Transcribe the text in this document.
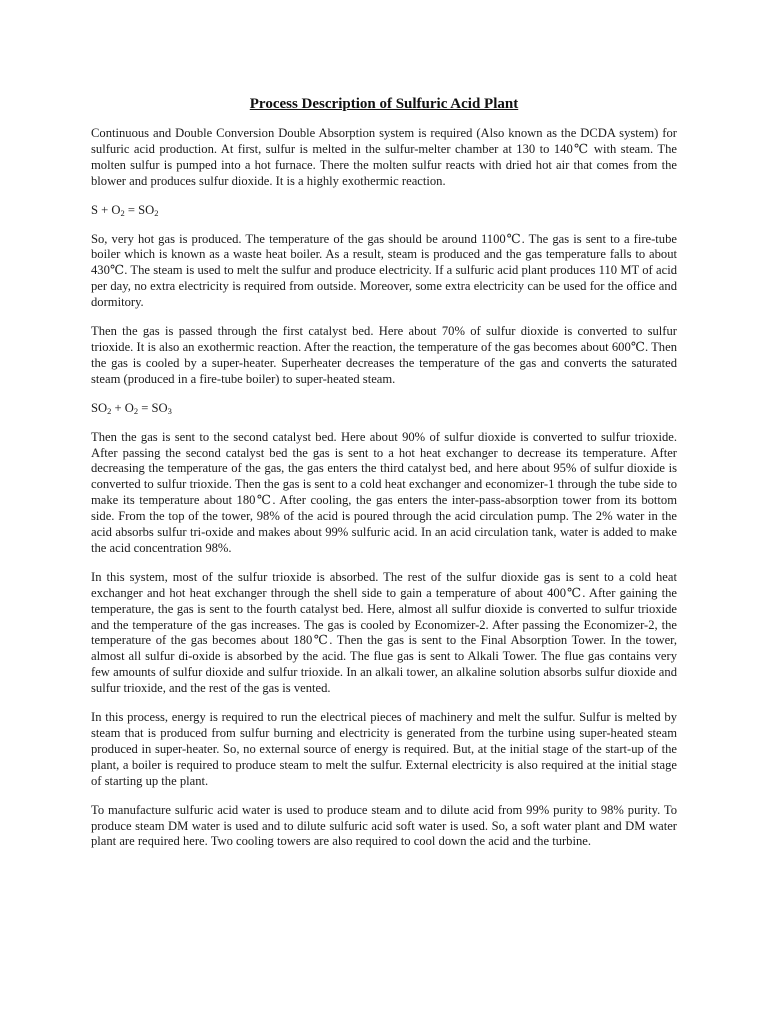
Process Description of Sulfuric Acid Plant

Continuous and Double Conversion Double Absorption system is required (Also known as the DCDA system) for sulfuric acid production. At first, sulfur is melted in the sulfur-melter chamber at 130 to 140℃ with steam. The molten sulfur is pumped into a hot furnace. There the molten sulfur reacts with dried hot air that comes from the blower and produces sulfur dioxide. It is a highly exothermic reaction.

$S + O_2 = SO_2$

So, very hot gas is produced. The temperature of the gas should be around 1100℃. The gas is sent to a fire-tube boiler which is known as a waste heat boiler. As a result, steam is produced and the gas temperature falls to about 430℃. The steam is used to melt the sulfur and produce electricity. If a sulfuric acid plant produces 110 MT of acid per day, no extra electricity is required from outside. Moreover, some extra electricity can be used for the office and dormitory.

Then the gas is passed through the first catalyst bed. Here about 70% of sulfur dioxide is converted to sulfur trioxide. It is also an exothermic reaction. After the reaction, the temperature of the gas becomes about 600℃. Then the gas is cooled by a super-heater. Superheater decreases the temperature of the gas and converts the saturated steam (produced in a fire-tube boiler) to super-heated steam.

$SO_2 + O_2 = SO_3$

Then the gas is sent to the second catalyst bed. Here about 90% of sulfur dioxide is converted to sulfur trioxide. After passing the second catalyst bed the gas is sent to a hot heat exchanger to decrease its temperature. After decreasing the temperature of the gas, the gas enters the third catalyst bed, and here about 95% of sulfur dioxide is converted to sulfur trioxide. Then the gas is sent to a cold heat exchanger and economizer-1 through the tube side to make its temperature about 180℃. After cooling, the gas enters the inter-pass-absorption tower from its bottom side. From the top of the tower, 98% of the acid is poured through the acid circulation pump. The 2% water in the acid absorbs sulfur tri-oxide and makes about 99% sulfuric acid. In an acid circulation tank, water is added to make the acid concentration 98%.

In this system, most of the sulfur trioxide is absorbed. The rest of the sulfur dioxide gas is sent to a cold heat exchanger and hot heat exchanger through the shell side to gain a temperature of about 400℃. After gaining the temperature, the gas is sent to the fourth catalyst bed. Here, almost all sulfur dioxide is converted to sulfur trioxide and the temperature of the gas increases. The gas is cooled by Economizer-2. After passing the Economizer-2, the temperature of the gas becomes about 180℃. Then the gas is sent to the Final Absorption Tower. In the tower, almost all sulfur di-oxide is absorbed by the acid. The flue gas is sent to Alkali Tower. The flue gas contains very few amounts of sulfur dioxide and sulfur trioxide. In an alkali tower, an alkaline solution absorbs sulfur dioxide and sulfur trioxide, and the rest of the gas is vented.

In this process, energy is required to run the electrical pieces of machinery and melt the sulfur. Sulfur is melted by steam that is produced from sulfur burning and electricity is generated from the turbine using super-heated steam produced in super-heater. So, no external source of energy is required. But, at the initial stage of the start-up of the plant, a boiler is required to produce steam to melt the sulfur. External electricity is also required at the initial stage of starting up the plant.

To manufacture sulfuric acid water is used to produce steam and to dilute acid from 99% purity to 98% purity. To produce steam DM water is used and to dilute sulfuric acid soft water is used. So, a soft water plant and DM water plant are required here. Two cooling towers are also required to cool down the acid and the turbine.
